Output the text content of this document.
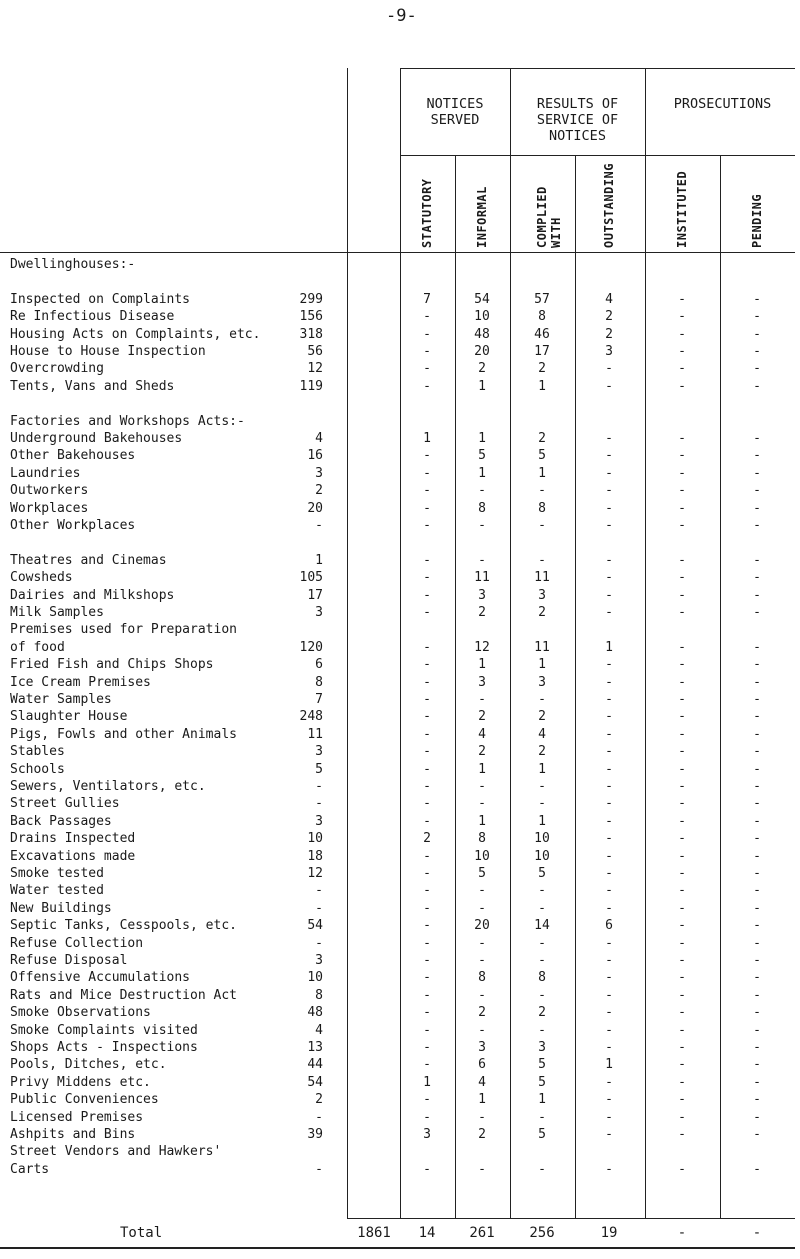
-9-
NOTICES SERVED
RESULTS OF SERVICE OF NOTICES
PROSECUTIONS
STATUTORY	INFORMAL	COMPLIED WITH	OUTSTANDING	INSTITUTED	PENDING
Dwellinghouses:-
Inspected on Complaints	299	7	54	57	4	-	-
Re Infectious Disease	156	-	10	8	2	-	-
Housing Acts on Complaints, etc.	318	-	48	46	2	-	-
House to House Inspection	56	-	20	17	3	-	-
Overcrowding	12	-	2	2	-	-	-
Tents, Vans and Sheds	119	-	1	1	-	-	-
Factories and Workshops Acts:-
Underground Bakehouses	4	1	1	2	-	-	-
Other Bakehouses	16	-	5	5	-	-	-
Laundries	3	-	1	1	-	-	-
Outworkers	2	-	-	-	-	-	-
Workplaces	20	-	8	8	-	-	-
Other Workplaces	-	-	-	-	-	-	-
Theatres and Cinemas	1	-	-	-	-	-	-
Cowsheds	105	-	11	11	-	-	-
Dairies and Milkshops	17	-	3	3	-	-	-
Milk Samples	3	-	2	2	-	-	-
Premises used for Preparation
of food	120	-	12	11	1	-	-
Fried Fish and Chips Shops	6	-	1	1	-	-	-
Ice Cream Premises	8	-	3	3	-	-	-
Water Samples	7	-	-	-	-	-	-
Slaughter House	248	-	2	2	-	-	-
Pigs, Fowls and other Animals	11	-	4	4	-	-	-
Stables	3	-	2	2	-	-	-
Schools	5	-	1	1	-	-	-
Sewers, Ventilators, etc.	-	-	-	-	-	-	-
Street Gullies	-	-	-	-	-	-	-
Back Passages	3	-	1	1	-	-	-
Drains Inspected	10	2	8	10	-	-	-
Excavations made	18	-	10	10	-	-	-
Smoke tested	12	-	5	5	-	-	-
Water tested	-	-	-	-	-	-	-
New Buildings	-	-	-	-	-	-	-
Septic Tanks, Cesspools, etc.	54	-	20	14	6	-	-
Refuse Collection	-	-	-	-	-	-	-
Refuse Disposal	3	-	-	-	-	-	-
Offensive Accumulations	10	-	8	8	-	-	-
Rats and Mice Destruction Act	8	-	-	-	-	-	-
Smoke Observations	48	-	2	2	-	-	-
Smoke Complaints visited	4	-	-	-	-	-	-
Shops Acts - Inspections	13	-	3	3	-	-	-
Pools, Ditches, etc.	44	-	6	5	1	-	-
Privy Middens etc.	54	1	4	5	-	-	-
Public Conveniences	2	-	1	1	-	-	-
Licensed Premises	-	-	-	-	-	-	-
Ashpits and Bins	39	3	2	5	-	-	-
Street Vendors and Hawkers'
Carts	-	-	-	-	-	-	-
Total	1861	14	261	256	19	-	-
